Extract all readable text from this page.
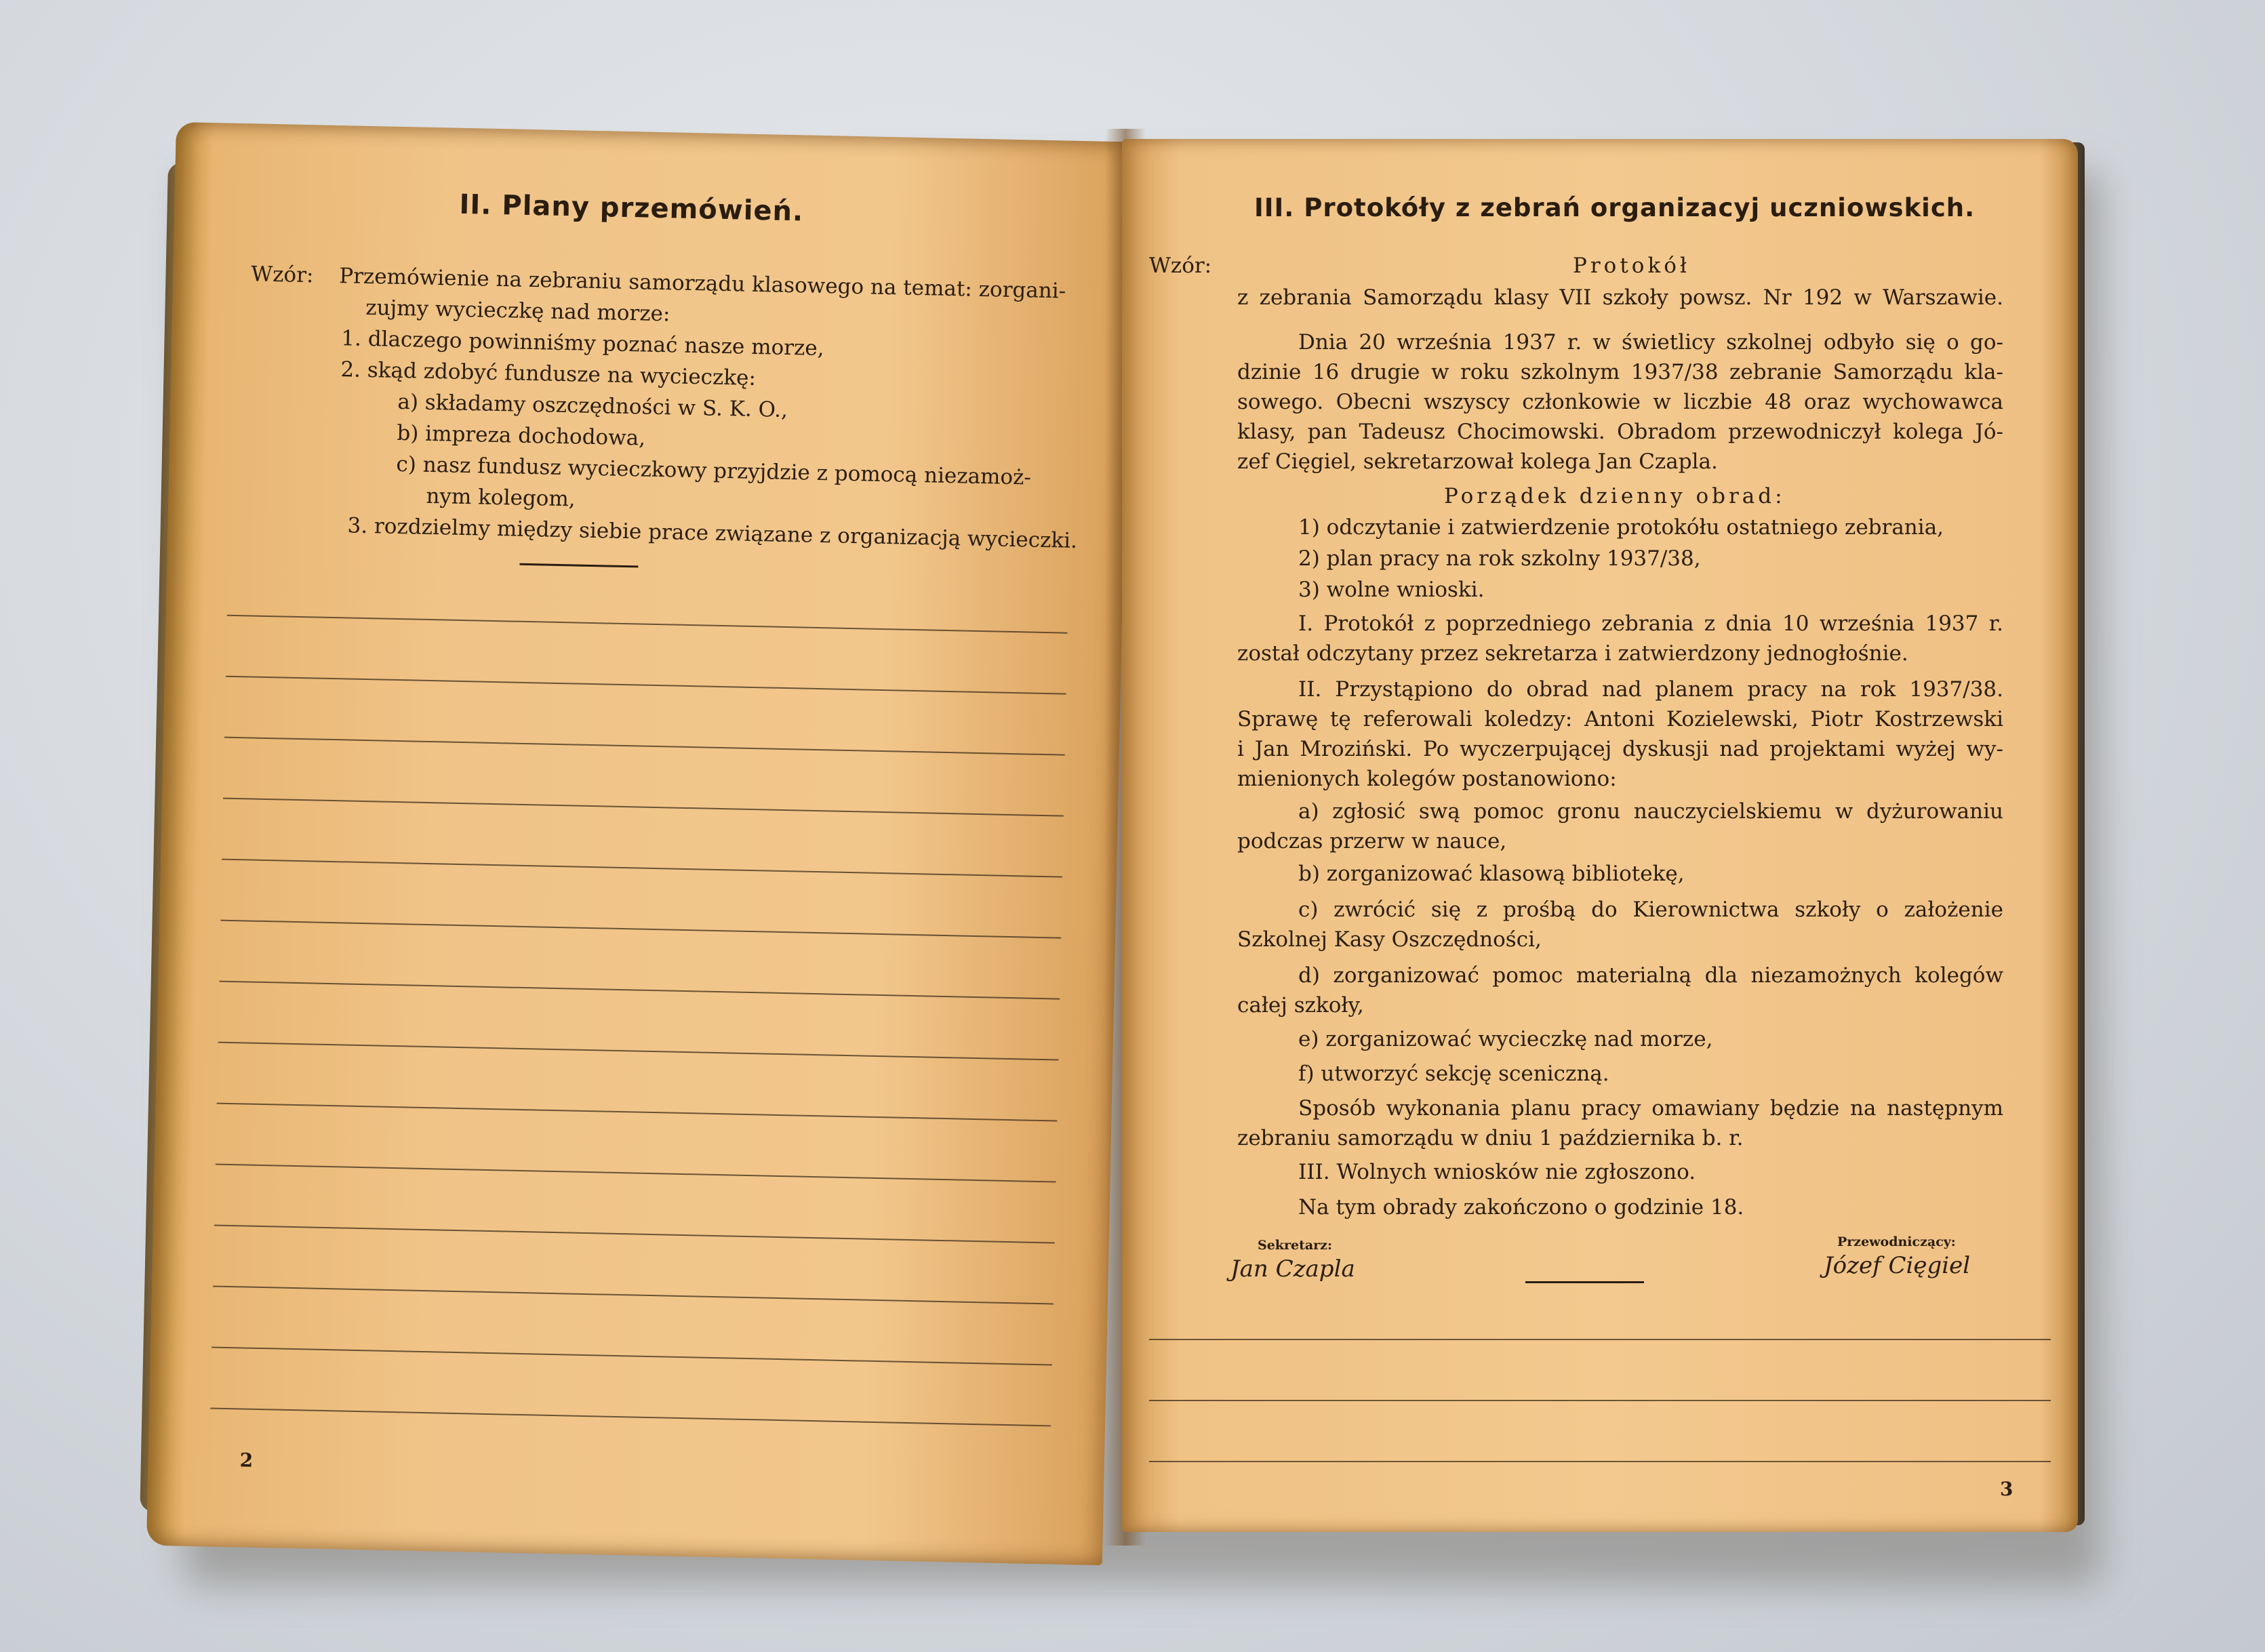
II. Plany przemówień.
Wzór: Przemówienie na zebraniu samorządu klasowego na temat: zorgani-
zujmy wycieczkę nad morze:
1. dlaczego powinniśmy poznać nasze morze,
2. skąd zdobyć fundusze na wycieczkę:
a) składamy oszczędności w S. K. O.,
b) impreza dochodowa,
c) nasz fundusz wycieczkowy przyjdzie z pomocą niezamoż-
nym kolegom,
3. rozdzielmy między siebie prace związane z organizacją wycieczki.
2
III. Protokóły z zebrań organizacyj uczniowskich.
Wzór:	Protokół
z zebrania Samorządu klasy VII szkoły powsz. Nr 192 w Warszawie.
Dnia 20 września 1937 r. w świetlicy szkolnej odbyło się o go-
dzinie 16 drugie w roku szkolnym 1937/38 zebranie Samorządu kla-
sowego. Obecni wszyscy członkowie w liczbie 48 oraz wychowawca
klasy, pan Tadeusz Chocimowski. Obradom przewodniczył kolega Jó-
zef Cięgiel, sekretarzował kolega Jan Czapla.
Porządek dzienny obrad:
1) odczytanie i zatwierdzenie protokółu ostatniego zebrania,
2) plan pracy na rok szkolny 1937/38,
3) wolne wnioski.
I. Protokół z poprzedniego zebrania z dnia 10 września 1937 r.
został odczytany przez sekretarza i zatwierdzony jednogłośnie.
II. Przystąpiono do obrad nad planem pracy na rok 1937/38.
Sprawę tę referowali koledzy: Antoni Kozielewski, Piotr Kostrzewski
i Jan Mroziński. Po wyczerpującej dyskusji nad projektami wyżej wy-
mienionych kolegów postanowiono:
a) zgłosić swą pomoc gronu nauczycielskiemu w dyżurowaniu
podczas przerw w nauce,
b) zorganizować klasową bibliotekę,
c) zwrócić się z prośbą do Kierownictwa szkoły o założenie
Szkolnej Kasy Oszczędności,
d) zorganizować pomoc materialną dla niezamożnych kolegów
całej szkoły,
e) zorganizować wycieczkę nad morze,
f) utworzyć sekcję sceniczną.
Sposób wykonania planu pracy omawiany będzie na następnym
zebraniu samorządu w dniu 1 października b. r.
III. Wolnych wniosków nie zgłoszono.
Na tym obrady zakończono o godzinie 18.
Sekretarz:
Jan Czapla
Przewodniczący:
Józef Cięgiel
3
